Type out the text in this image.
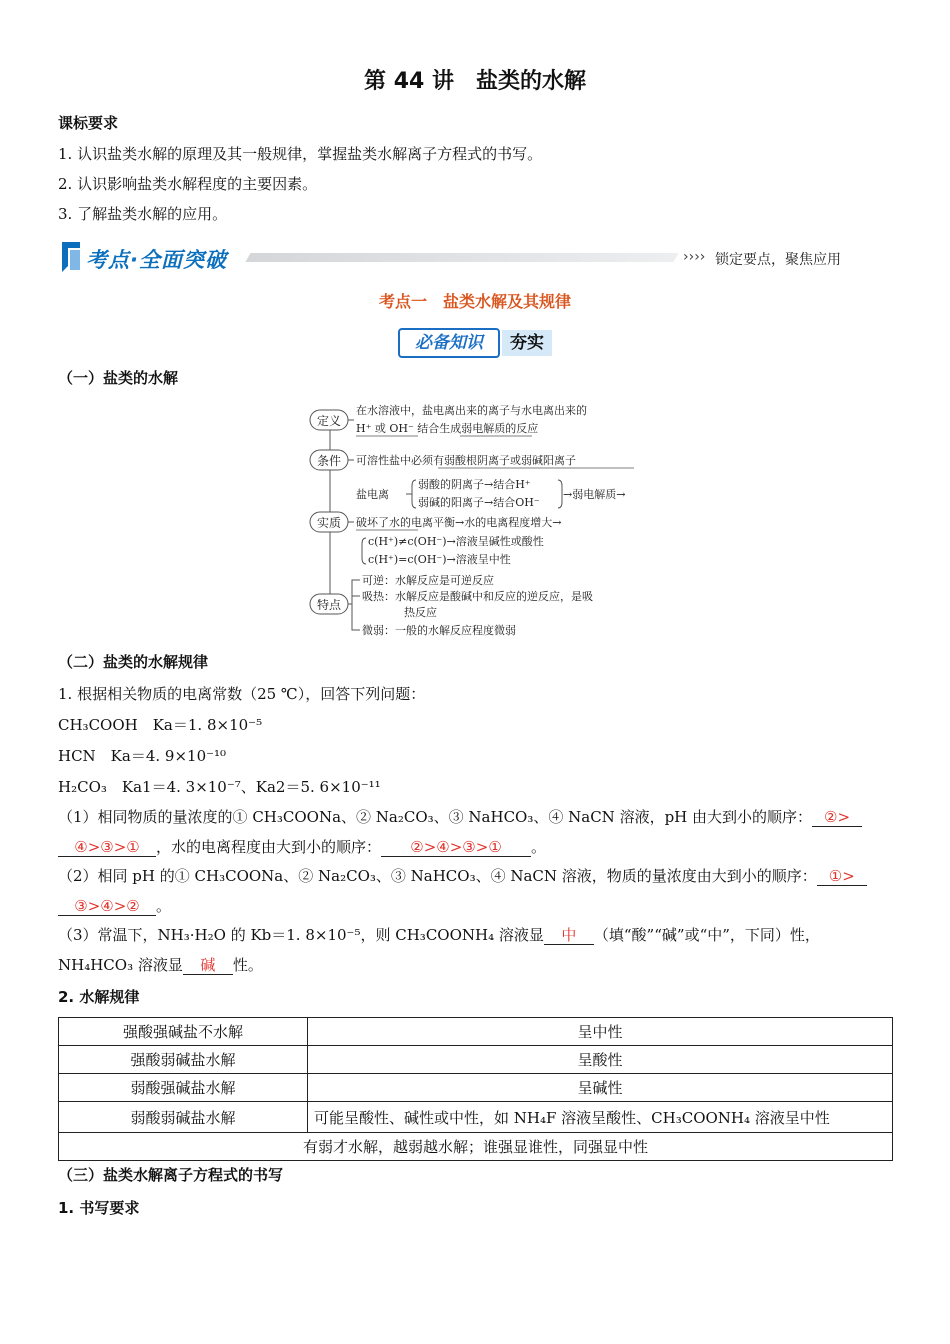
第 44 讲　盐类的水解
课标要求
1. 认识盐类水解的原理及其一般规律，掌握盐类水解离子方程式的书写。
2. 认识影响盐类水解程度的主要因素。
3. 了解盐类水解的应用。
考点·全面突破	›››› 锁定要点，聚焦应用
考点一　盐类水解及其规律
必备知识	夯实
（一）盐类的水解
定义
条件
实质
特点
在水溶液中，盐电离出来的离子与水电离出来的
H⁺ 或 OH⁻ 结合生成弱电解质的反应
可溶性盐中必须有弱酸根阴离子或弱碱阳离子
盐电离
弱酸的阴离子→结合H⁺
弱碱的阳离子→结合OH⁻
→弱电解质→
破坏了水的电离平衡→水的电离程度增大→
c(H⁺)≠c(OH⁻)→溶液呈碱性或酸性
c(H⁺)=c(OH⁻)→溶液呈中性
可逆：水解反应是可逆反应
吸热：水解反应是酸碱中和反应的逆反应，是吸
热反应
微弱：一般的水解反应程度微弱
（二）盐类的水解规律
1. 根据相关物质的电离常数（25 ℃），回答下列问题：
CH₃COOH　Ka＝1. 8×10⁻⁵
HCN　Ka＝4. 9×10⁻¹⁰
H₂CO₃　Ka1＝4. 3×10⁻⁷、Ka2＝5. 6×10⁻¹¹
（1）相同物质的量浓度的① CH₃COONa、② Na₂CO₃、③ NaHCO₃、④ NaCN 溶液，pH 由大到小的顺序： ②>
④>③>① ，水的电离程度由大到小的顺序： ②>④>③>① 。
（2）相同 pH 的① CH₃COONa、② Na₂CO₃、③ NaHCO₃、④ NaCN 溶液，物质的量浓度由大到小的顺序： ①>
③>④>② 。
（3）常温下，NH₃·H₂O 的 Kb＝1. 8×10⁻⁵，则 CH₃COONH₄ 溶液显 中 （填“酸”“碱”或“中”，下同）性，
NH₄HCO₃ 溶液显 碱 性。
2. 水解规律
强酸强碱盐不水解	呈中性
强酸弱碱盐水解	呈酸性
弱酸强碱盐水解	呈碱性
弱酸弱碱盐水解	可能呈酸性、碱性或中性，如 NH₄F 溶液呈酸性、CH₃COONH₄ 溶液呈中性
有弱才水解，越弱越水解；谁强显谁性，同强显中性	
（三）盐类水解离子方程式的书写
1. 书写要求
